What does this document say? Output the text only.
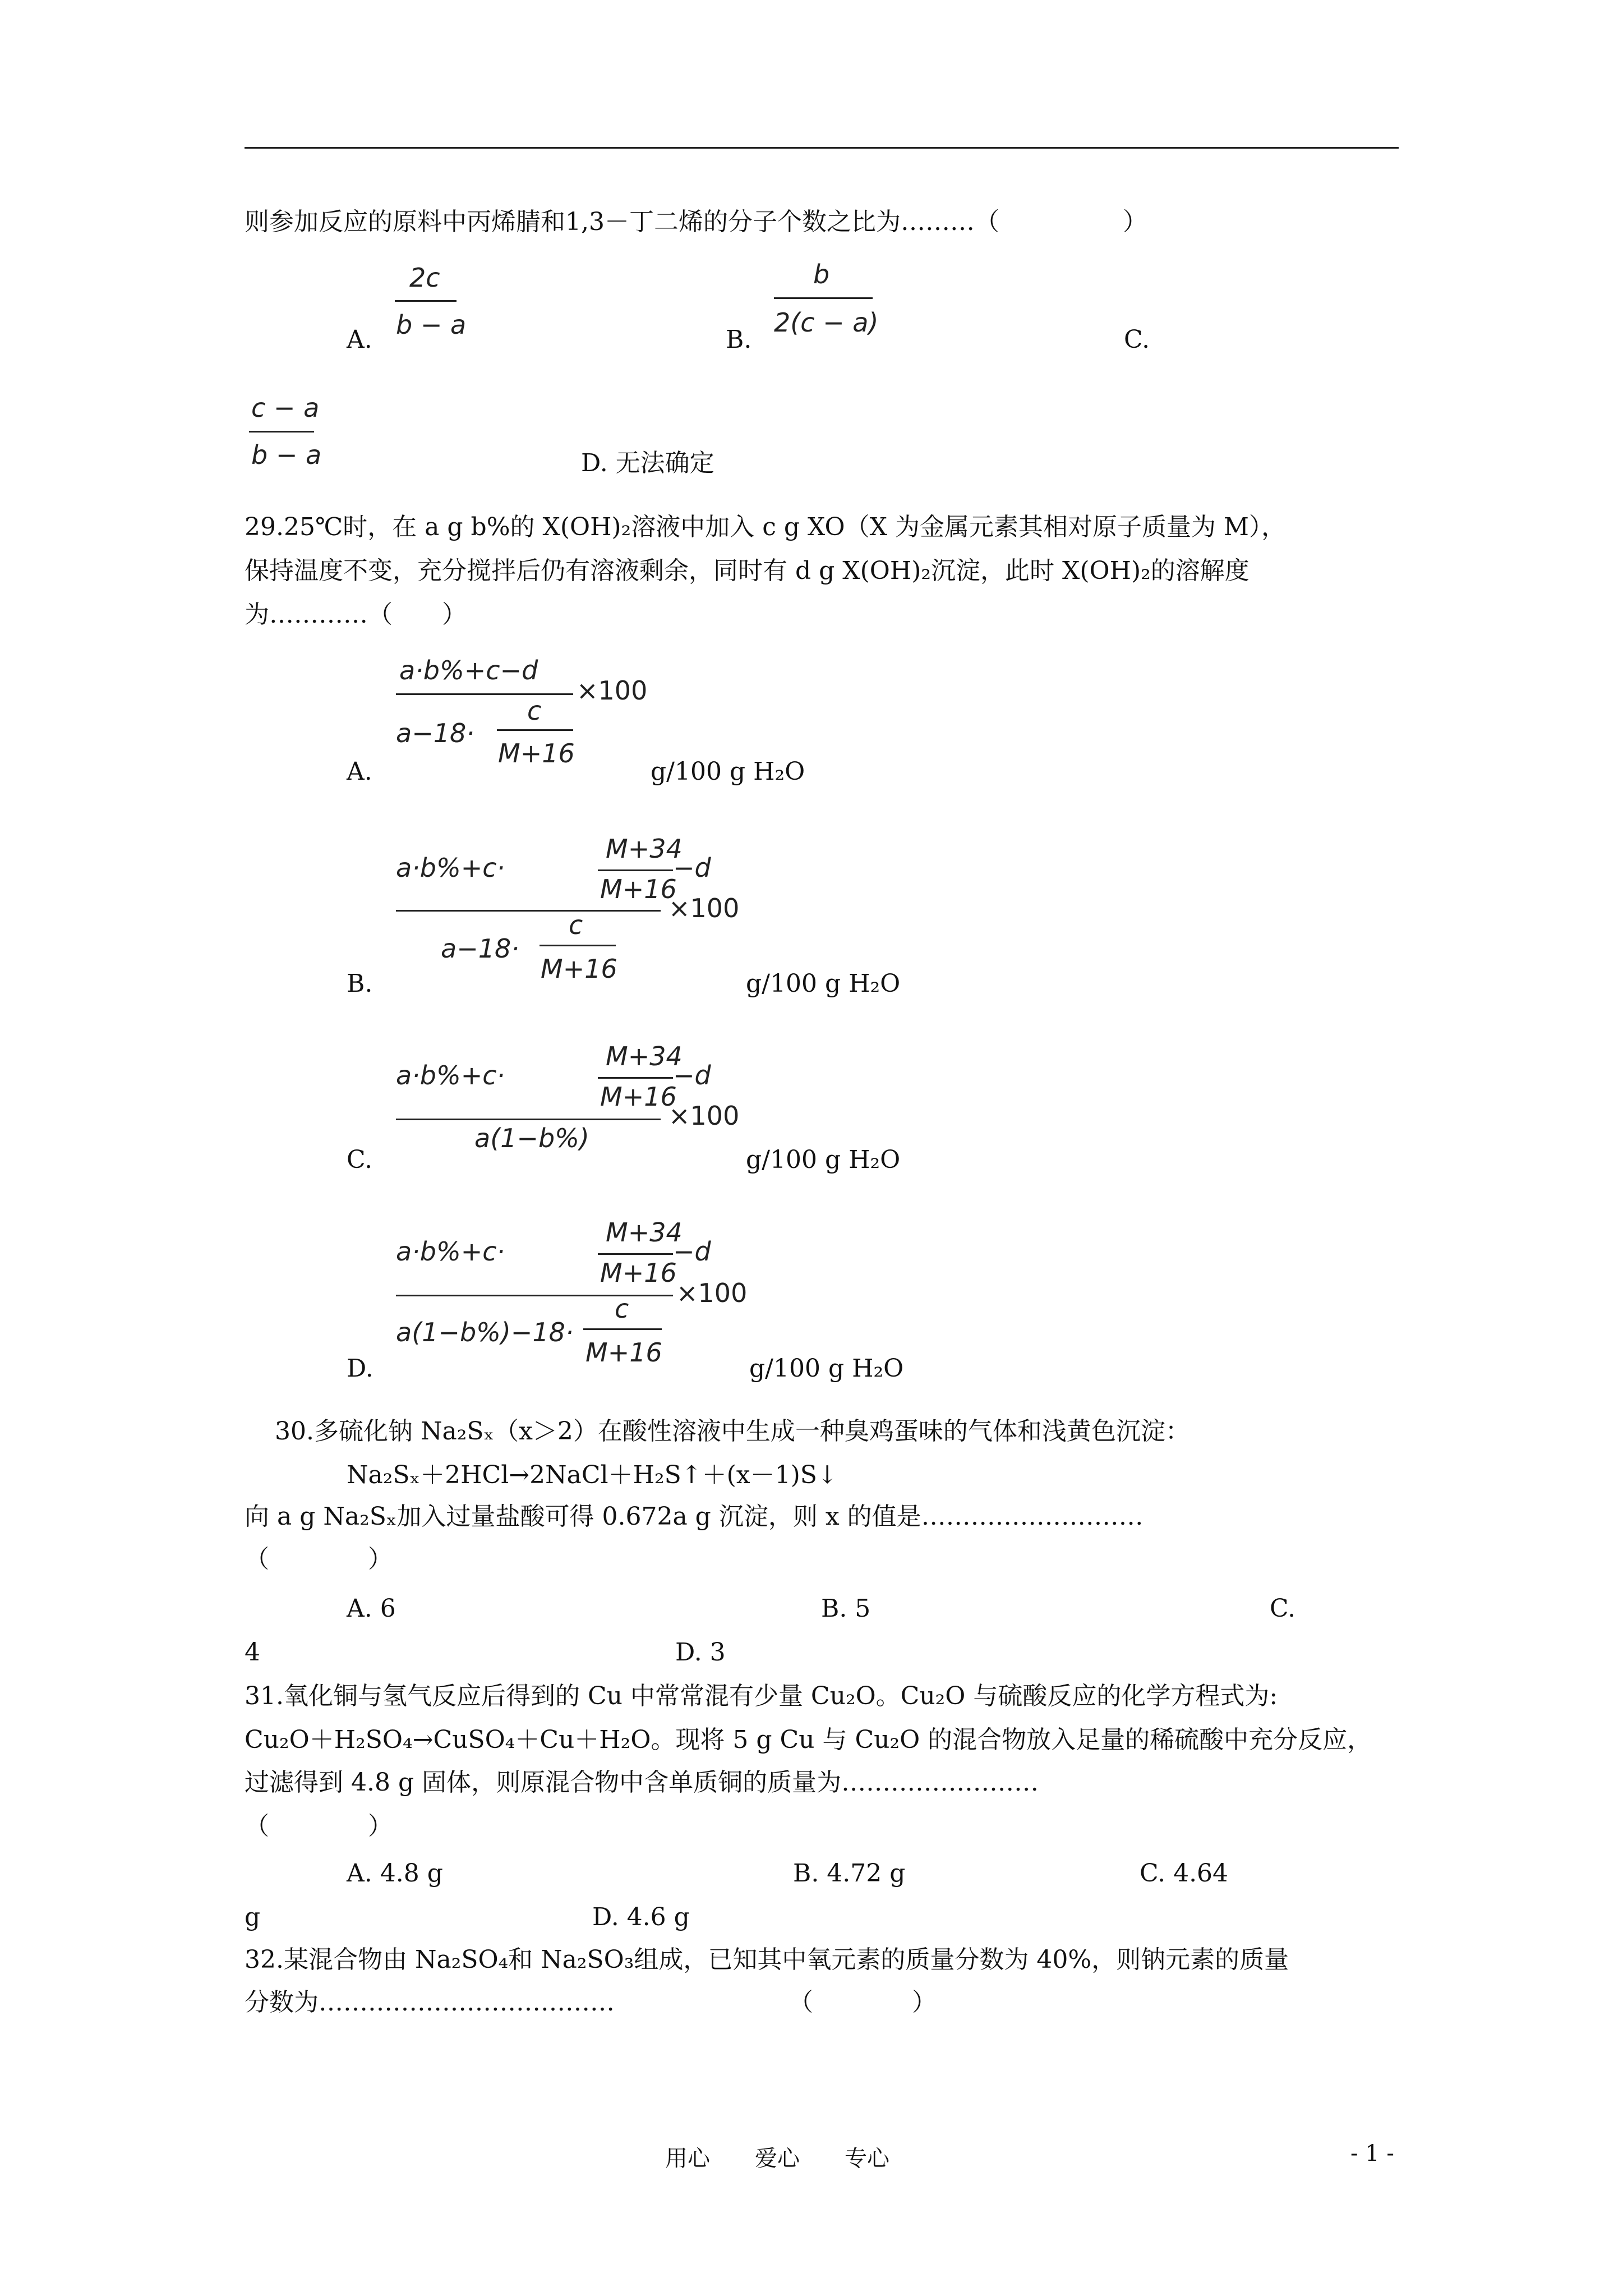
则参加反应的原料中丙烯腈和1,3－丁二烯的分子个数之比为………（　　　　　）
A.
2c
b − a	B.
b
2(c − a)
C.
c − a
b − a	D. 无法确定
29.25℃时，在 a g b%的 X(OH)₂溶液中加入 c g XO（X 为金属元素其相对原子质量为 M），
保持温度不变，充分搅拌后仍有溶液剩余，同时有 d g X(OH)₂沉淀，此时 X(OH)₂的溶解度
为…………（　　）
A.
a·b%+c−d
×100
a−18·
c
M+16
g/100 g H₂O
B.
M+34
a·b%+c·
M+16
−d
×100
a−18·
c
M+16	g/100 g H₂O
C.
M+34
a·b%+c·
M+16
−d
×100
a(1−b%)
g/100 g H₂O
D.
M+34
a·b%+c·
M+16
−d
×100
a(1−b%)−18·
c
M+16
g/100 g H₂O
30.多硫化钠 Na₂Sₓ（x＞2）在酸性溶液中生成一种臭鸡蛋味的气体和浅黄色沉淀：
Na₂Sₓ＋2HCl→2NaCl＋H₂S↑＋(x－1)S↓
向 a g Na₂Sₓ加入过量盐酸可得 0.672a g 沉淀，则 x 的值是………………………
（　　　　）
A. 6	B. 5	C.
4	D. 3
31.氧化铜与氢气反应后得到的 Cu 中常常混有少量 Cu₂O。Cu₂O 与硫酸反应的化学方程式为:
Cu₂O＋H₂SO₄→CuSO₄＋Cu＋H₂O。现将 5 g Cu 与 Cu₂O 的混合物放入足量的稀硫酸中充分反应，
过滤得到 4.8 g 固体，则原混合物中含单质铜的质量为……………………
（　　　　）
A. 4.8 g	B. 4.72 g	C. 4.64
g	D. 4.6 g
32.某混合物由 Na₂SO₄和 Na₂SO₃组成，已知其中氧元素的质量分数为 40%，则钠元素的质量
分数为………………………………	（　　　　）
用心　　爱心　　专心	- 1 -
